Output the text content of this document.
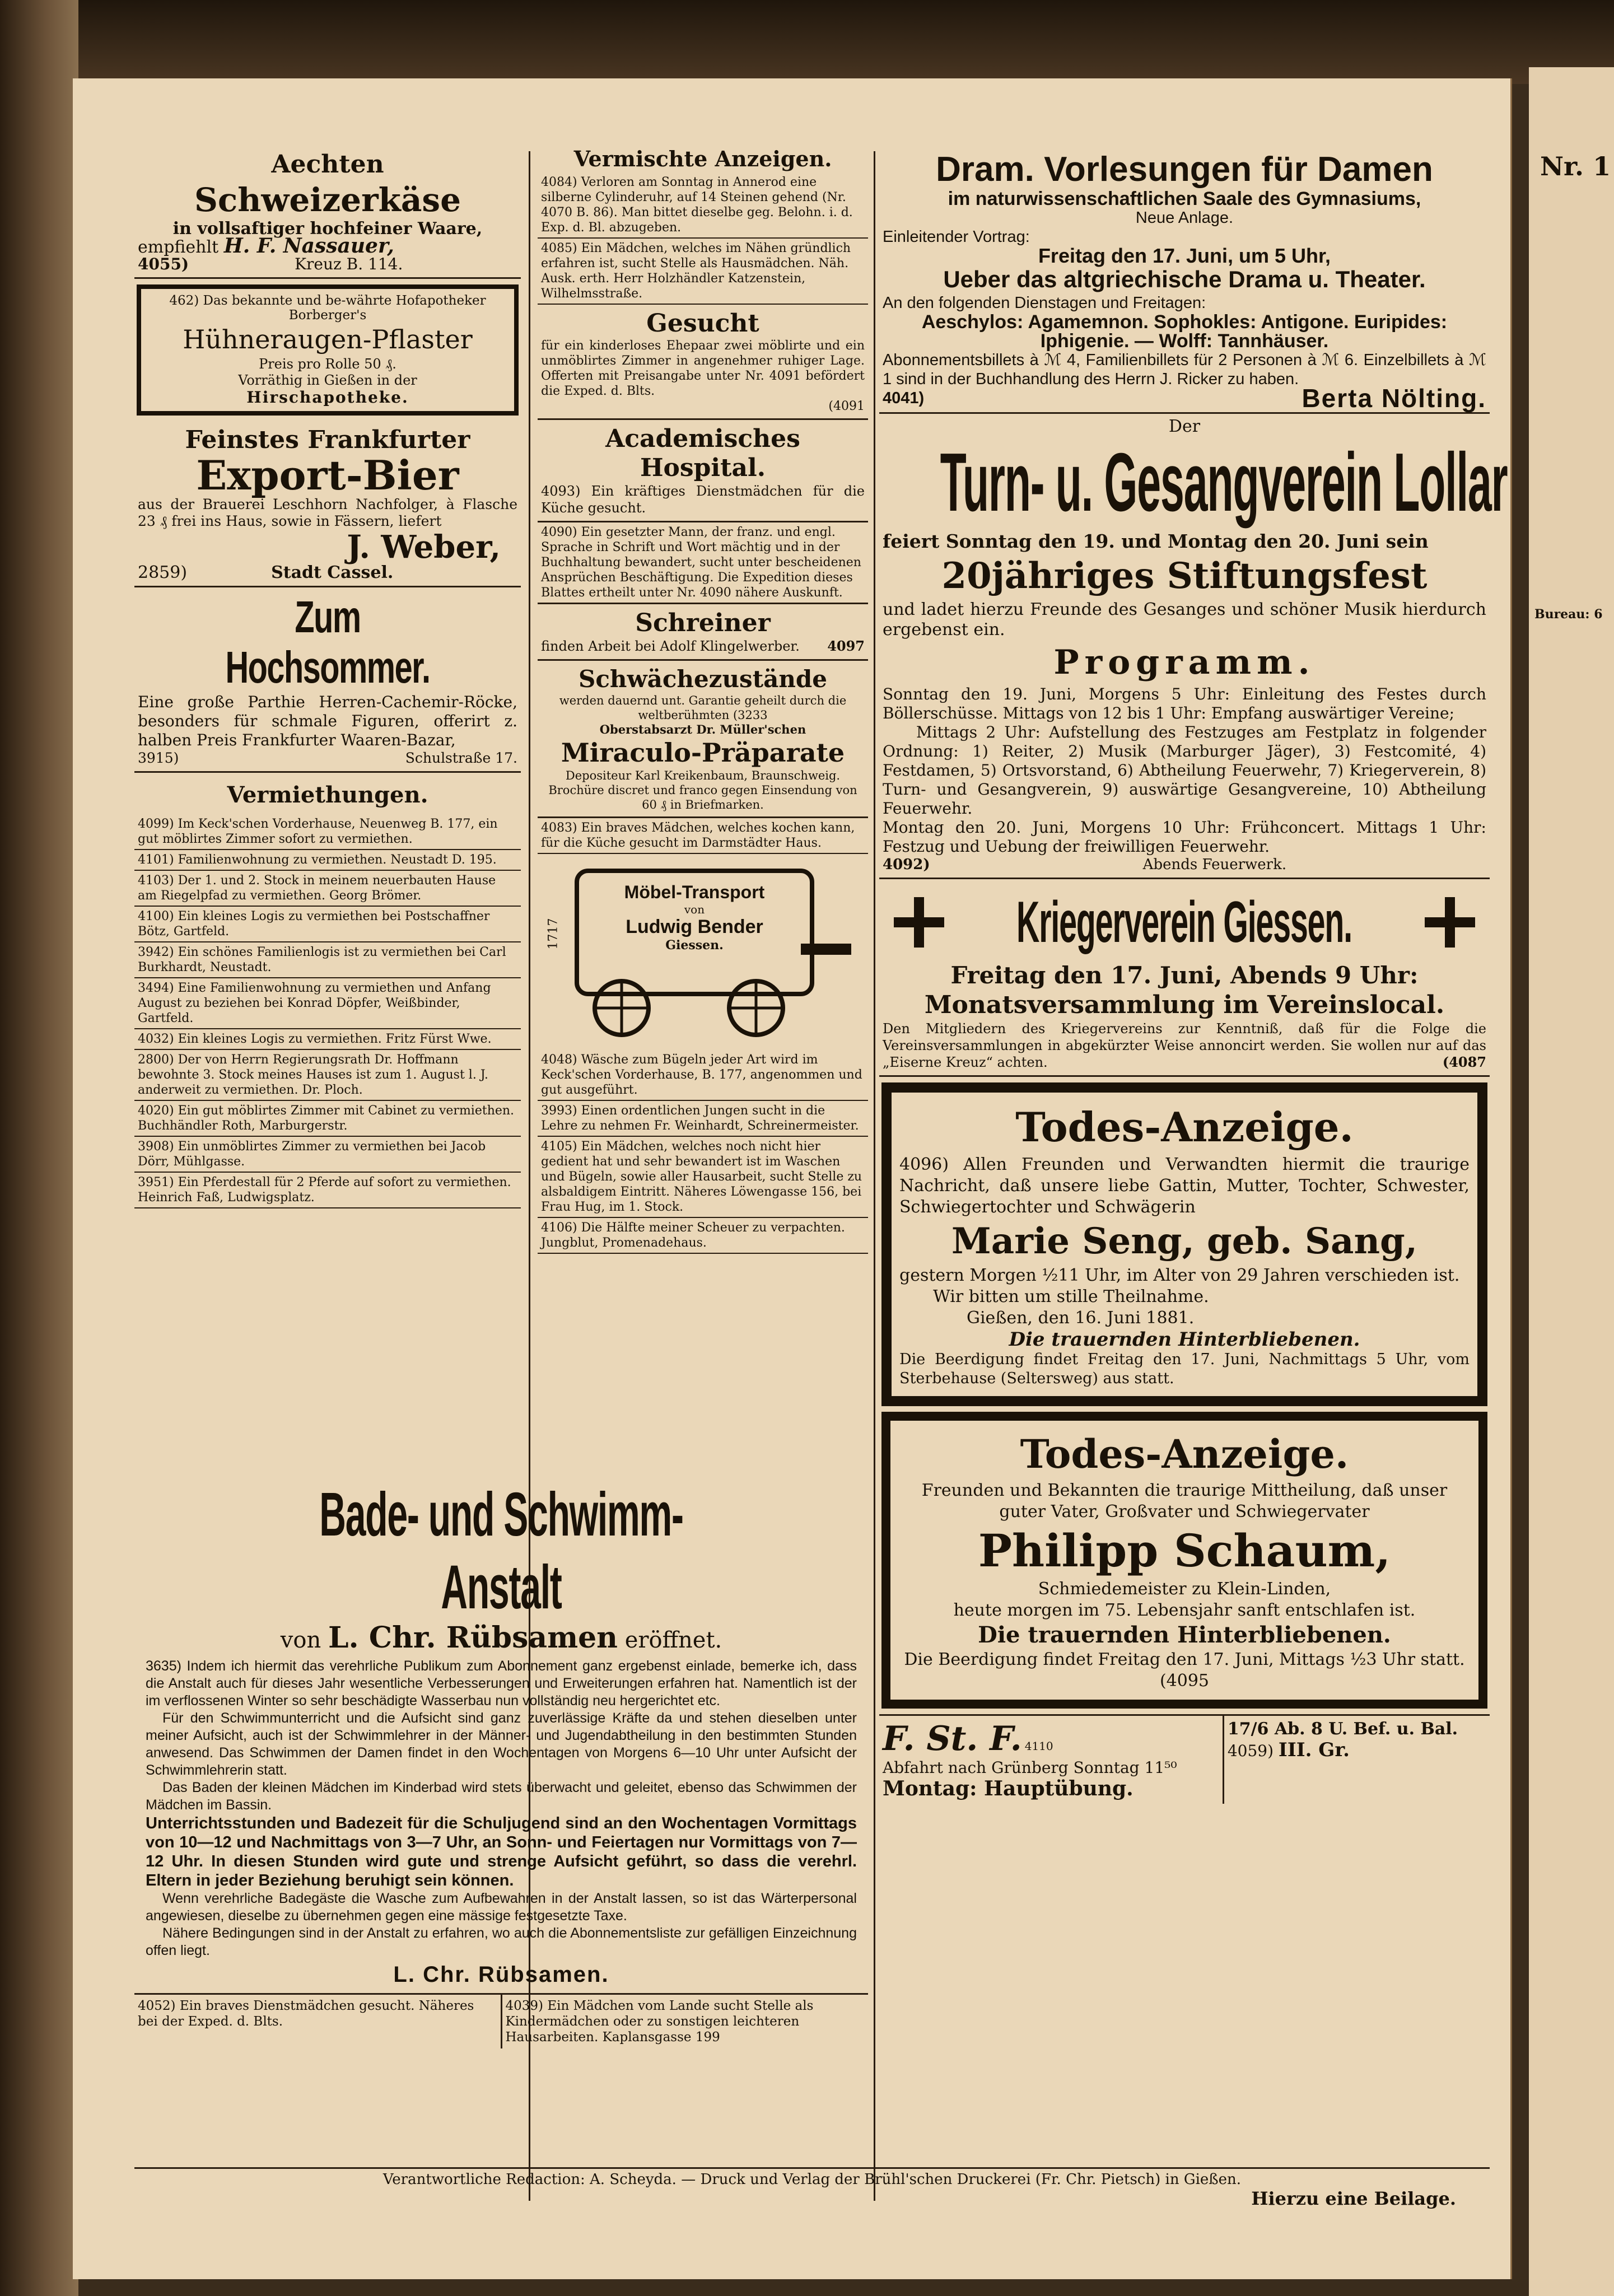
Nr. 1
Bureau: 6
Aechten
Schweizerkäse
in vollsaftiger hochfeiner Waare,
empfiehlt H. F. Nassauer,
4055)	Kreuz B. 114.
462) Das bekannte und be-währte Hofapotheker Borberger's
Hühneraugen-Pflaster
Preis pro Rolle 50 ₰.
Vorräthig in Gießen in der
Hirschapotheke.
Feinstes Frankfurter
Export-Bier
aus der Brauerei Leschhorn Nachfolger, à Flasche 23 ₰ frei ins Haus, sowie in Fässern, liefert
J. Weber,
2859)	Stadt Cassel.
Zum Hochsommer.
Eine große Parthie Herren-Cachemir-Röcke, besonders für schmale Figuren, offerirt z. halben Preis Frankfurter Waaren-Bazar,
3915)	Schulstraße 17.
Vermiethungen.
4099) Im Keck'schen Vorderhause, Neuenweg B. 177, ein gut möblirtes Zimmer sofort zu vermiethen.
4101) Familienwohnung zu vermiethen. Neustadt D. 195.
4103) Der 1. und 2. Stock in meinem neuerbauten Hause am Riegelpfad zu vermiethen. Georg Brömer.
4100) Ein kleines Logis zu vermiethen bei Postschaffner Bötz, Gartfeld.
3942) Ein schönes Familienlogis ist zu vermiethen bei Carl Burkhardt, Neustadt.
3494) Eine Familienwohnung zu vermiethen und Anfang August zu beziehen bei Konrad Döpfer, Weißbinder, Gartfeld.
4032) Ein kleines Logis zu vermiethen. Fritz Fürst Wwe.
2800) Der von Herrn Regierungsrath Dr. Hoffmann bewohnte 3. Stock meines Hauses ist zum 1. August l. J. anderweit zu vermiethen. Dr. Ploch.
4020) Ein gut möblirtes Zimmer mit Cabinet zu vermiethen. Buchhändler Roth, Marburgerstr.
3908) Ein unmöblirtes Zimmer zu vermiethen bei Jacob Dörr, Mühlgasse.
3951) Ein Pferdestall für 2 Pferde auf sofort zu vermiethen. Heinrich Faß, Ludwigsplatz.
Vermischte Anzeigen.
4084) Verloren am Sonntag in Annerod eine silberne Cylinderuhr, auf 14 Steinen gehend (Nr. 4070 B. 86). Man bittet dieselbe geg. Belohn. i. d. Exp. d. Bl. abzugeben.
4085) Ein Mädchen, welches im Nähen gründlich erfahren ist, sucht Stelle als Hausmädchen. Näh. Ausk. erth. Herr Holzhändler Katzenstein, Wilhelmsstraße.
Gesucht
für ein kinderloses Ehepaar zwei möblirte und ein unmöblirtes Zimmer in angenehmer ruhiger Lage. Offerten mit Preisangabe unter Nr. 4091 befördert die Exped. d. Blts.
(4091
Academisches Hospital.
4093) Ein kräftiges Dienstmädchen für die Küche gesucht.
4090) Ein gesetzter Mann, der franz. und engl. Sprache in Schrift und Wort mächtig und in der Buchhaltung bewandert, sucht unter bescheidenen Ansprüchen Beschäftigung. Die Expedition dieses Blattes ertheilt unter Nr. 4090 nähere Auskunft.
Schreiner
finden Arbeit bei Adolf Klingelwerber. 4097
Schwächezustände
werden dauernd unt. Garantie geheilt durch die weltberühmten (3233
Oberstabsarzt Dr. Müller'schen
Miraculo-Präparate
Depositeur Karl Kreikenbaum, Braunschweig. Brochüre discret und franco gegen Einsendung von 60 ₰ in Briefmarken.
4083) Ein braves Mädchen, welches kochen kann, für die Küche gesucht im Darmstädter Haus.
1717
Möbel-Transport
von
Ludwig Bender
Giessen.
4048) Wäsche zum Bügeln jeder Art wird im Keck'schen Vorderhause, B. 177, angenommen und gut ausgeführt.
3993) Einen ordentlichen Jungen sucht in die Lehre zu nehmen Fr. Weinhardt, Schreinermeister.
4105) Ein Mädchen, welches noch nicht hier gedient hat und sehr bewandert ist im Waschen und Bügeln, sowie aller Hausarbeit, sucht Stelle zu alsbaldigem Eintritt. Näheres Löwengasse 156, bei Frau Hug, im 1. Stock.
4106) Die Hälfte meiner Scheuer zu verpachten. Jungblut, Promenadehaus.
Bade- und Schwimm-Anstalt
von L. Chr. Rübsamen eröffnet.

3635) Indem ich hiermit das verehrliche Publikum zum Abonnement ganz ergebenst einlade, bemerke ich, dass die Anstalt auch für dieses Jahr wesentliche Verbesserungen und Erweiterungen erfahren hat. Namentlich ist der im verflossenen Winter so sehr beschädigte Wasserbau nun vollständig neu hergerichtet etc.

Für den Schwimmunterricht und die Aufsicht sind ganz zuverlässige Kräfte da und stehen dieselben unter meiner Aufsicht, auch ist der Schwimmlehrer in der Männer- und Jugendabtheilung in den bestimmten Stunden anwesend. Das Schwimmen der Damen findet in den Wochentagen von Morgens 6—10 Uhr unter Aufsicht der Schwimmlehrerin statt.

Das Baden der kleinen Mädchen im Kinderbad wird stets überwacht und geleitet, ebenso das Schwimmen der Mädchen im Bassin.

Unterrichtsstunden und Badezeit für die Schuljugend sind an den Wochentagen Vormittags von 10—12 und Nachmittags von 3—7 Uhr, an Sonn- und Feiertagen nur Vormittags von 7—12 Uhr. In diesen Stunden wird gute und strenge Aufsicht geführt, so dass die verehrl. Eltern in jeder Beziehung beruhigt sein können.

Wenn verehrliche Badegäste die Wasche zum Aufbewahren in der Anstalt lassen, so ist das Wärterpersonal angewiesen, dieselbe zu übernehmen gegen eine mässige festgesetzte Taxe.

Nähere Bedingungen sind in der Anstalt zu erfahren, wo auch die Abonnementsliste zur gefälligen Einzeichnung offen liegt.

L. Chr. Rübsamen.
4052) Ein braves Dienstmädchen gesucht. Näheres bei der Exped. d. Blts.
4039) Ein Mädchen vom Lande sucht Stelle als Kindermädchen oder zu sonstigen leichteren Hausarbeiten. Kaplansgasse 199
Dram. Vorlesungen für Damen
im naturwissenschaftlichen Saale des Gymnasiums,
Neue Anlage.
Einleitender Vortrag:
Freitag den 17. Juni, um 5 Uhr,
Ueber das altgriechische Drama u. Theater.
An den folgenden Dienstagen und Freitagen:
Aeschylos: Agamemnon. Sophokles: Antigone. Euripides: Iphigenie. — Wolff: Tannhäuser.
Abonnementsbillets à ℳ 4, Familienbillets für 2 Personen à ℳ 6. Einzelbillets à ℳ 1 sind in der Buchhandlung des Herrn J. Ricker zu haben.
4041)	Berta Nölting.
Der
Turn- u. Gesangverein Lollar
feiert Sonntag den 19. und Montag den 20. Juni sein
20jähriges Stiftungsfest
und ladet hierzu Freunde des Gesanges und schöner Musik hierdurch ergebenst ein.
Programm.
Sonntag den 19. Juni, Morgens 5 Uhr: Einleitung des Festes durch Böllerschüsse. Mittags von 12 bis 1 Uhr: Empfang auswärtiger Vereine;
Mittags 2 Uhr: Aufstellung des Festzuges am Festplatz in folgender Ordnung: 1) Reiter, 2) Musik (Marburger Jäger), 3) Festcomité, 4) Festdamen, 5) Ortsvorstand, 6) Abtheilung Feuerwehr, 7) Kriegerverein, 8) Turn- und Gesangverein, 9) auswärtige Gesangvereine, 10) Abtheilung Feuerwehr.
Montag den 20. Juni, Morgens 10 Uhr: Frühconcert. Mittags 1 Uhr: Festzug und Uebung der freiwilligen Feuerwehr.
4092)	Abends Feuerwerk.
Kriegerverein Giessen.
Freitag den 17. Juni, Abends 9 Uhr:
Monatsversammlung im Vereinslocal.
Den Mitgliedern des Kriegervereins zur Kenntniß, daß für die Folge die Vereinsversammlungen in abgekürzter Weise annoncirt werden. Sie wollen nur auf das „Eiserne Kreuz“ achten.	(4087
Todes-Anzeige.
4096) Allen Freunden und Verwandten hiermit die traurige Nachricht, daß unsere liebe Gattin, Mutter, Tochter, Schwester, Schwiegertochter und Schwägerin
Marie Seng, geb. Sang,
gestern Morgen ½11 Uhr, im Alter von 29 Jahren verschieden ist.
Wir bitten um stille Theilnahme.
Gießen, den 16. Juni 1881.
Die trauernden Hinterbliebenen.
Die Beerdigung findet Freitag den 17. Juni, Nachmittags 5 Uhr, vom Sterbehause (Seltersweg) aus statt.
Todes-Anzeige.
Freunden und Bekannten die traurige Mittheilung, daß unser guter Vater, Großvater und Schwiegervater
Philipp Schaum,
Schmiedemeister zu Klein-Linden,
heute morgen im 75. Lebensjahr sanft entschlafen ist.
Die trauernden Hinterbliebenen.
Die Beerdigung findet Freitag den 17. Juni, Mittags ½3 Uhr statt. (4095
F. St. F. 4110
Abfahrt nach Grünberg Sonntag 11⁵⁰
Montag: Hauptübung.
17/6 Ab. 8 U. Bef. u. Bal.
4059) III. Gr.
Verantwortliche Redaction: A. Scheyda. — Druck und Verlag der Brühl'schen Druckerei (Fr. Chr. Pietsch) in Gießen.
Hierzu eine Beilage.
